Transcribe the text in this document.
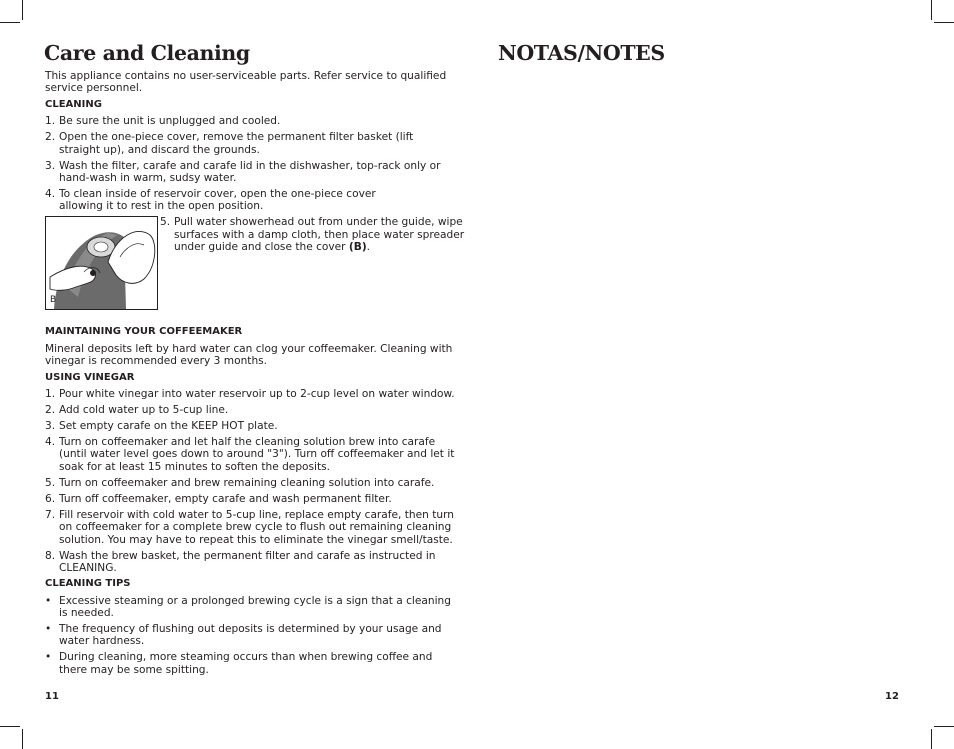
Care and Cleaning

This appliance contains no user-serviceable parts. Refer service to qualified service personnel.

CLEANING
1. Be sure the unit is unplugged and cooled.
2. Open the one-piece cover, remove the permanent filter basket (lift straight up), and discard the grounds.
3. Wash the filter, carafe and carafe lid in the dishwasher, top-rack only or hand-wash in warm, sudsy water.
4. To clean inside of reservoir cover, open the one-piece cover allowing it to rest in the open position.
B
5. Pull water showerhead out from under the guide, wipe surfaces with a damp cloth, then place water spreader under guide and close the cover (B).
MAINTAINING YOUR COFFEEMAKER

Mineral deposits left by hard water can clog your coffeemaker. Cleaning with vinegar is recommended every 3 months.

USING VINEGAR
1. Pour white vinegar into water reservoir up to 2-cup level on water window.
2. Add cold water up to 5-cup line.
3. Set empty carafe on the KEEP HOT plate.
4. Turn on coffeemaker and let half the cleaning solution brew into carafe (until water level goes down to around "3"). Turn off coffeemaker and let it soak for at least 15 minutes to soften the deposits.
5. Turn on coffeemaker and brew remaining cleaning solution into carafe.
6. Turn off coffeemaker, empty carafe and wash permanent filter.
7. Fill reservoir with cold water to 5-cup line, replace empty carafe, then turn on coffeemaker for a complete brew cycle to flush out remaining cleaning solution. You may have to repeat this to eliminate the vinegar smell/taste.
8. Wash the brew basket, the permanent filter and carafe as instructed in CLEANING.
CLEANING TIPS
• Excessive steaming or a prolonged brewing cycle is a sign that a cleaning is needed.
• The frequency of flushing out deposits is determined by your usage and water hardness.
• During cleaning, more steaming occurs than when brewing coffee and there may be some spitting.
11
NOTAS/NOTES
12
